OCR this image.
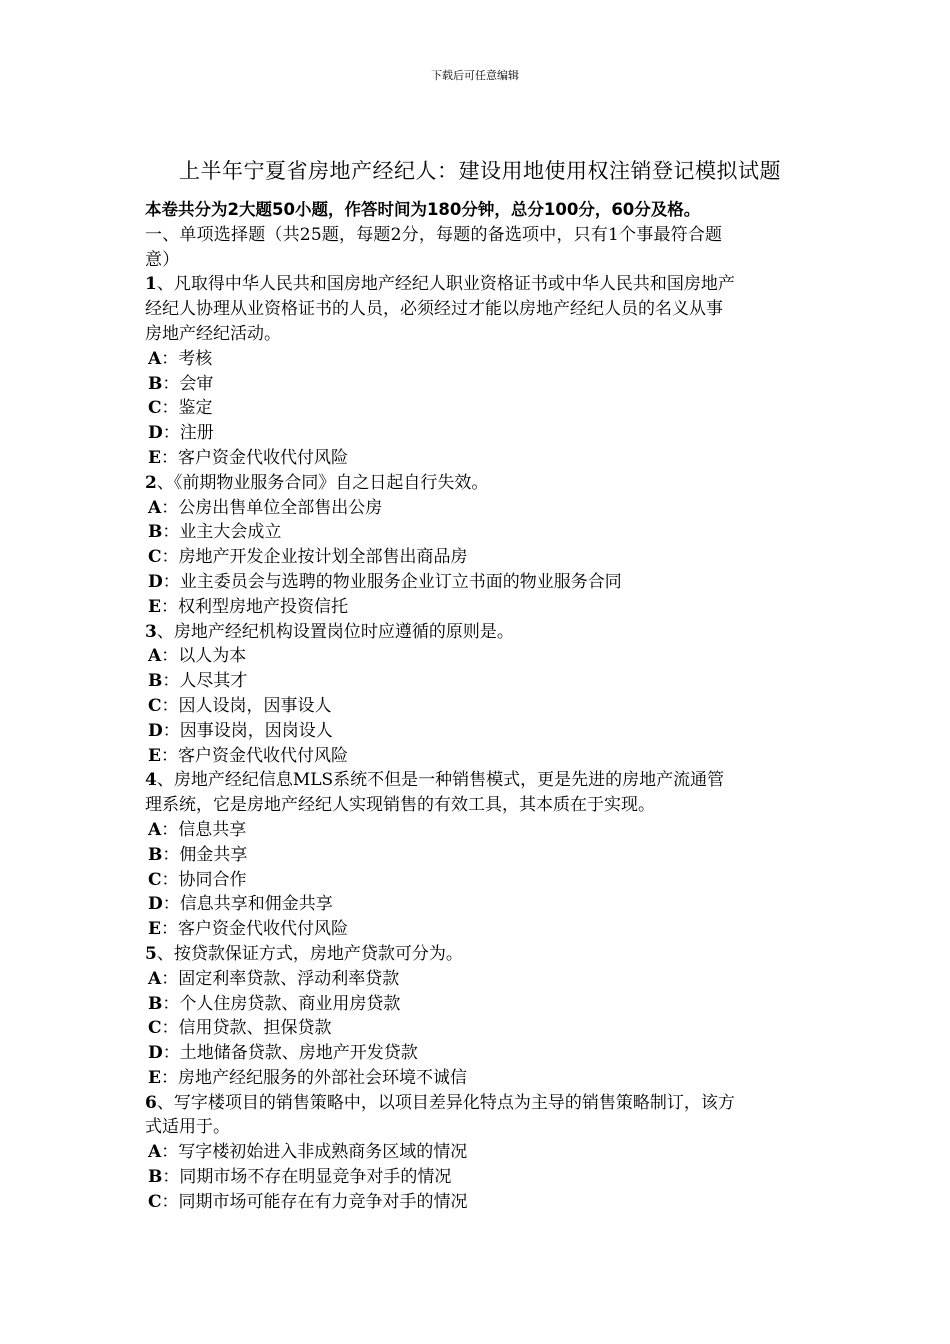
下载后可任意编辑
上半年宁夏省房地产经纪人：建设用地使用权注销登记模拟试题
本卷共分为2大题50小题，作答时间为180分钟，总分100分，60分及格。
一、单项选择题（共25题，每题2分，每题的备选项中，只有1个事最符合题
意）
1、凡取得中华人民共和国房地产经纪人职业资格证书或中华人民共和国房地产
经纪人协理从业资格证书的人员，必须经过才能以房地产经纪人员的名义从事
房地产经纪活动。
A：考核
B：会审
C：鉴定
D：注册
E：客户资金代收代付风险
2、《前期物业服务合同》自之日起自行失效。
A：公房出售单位全部售出公房
B：业主大会成立
C：房地产开发企业按计划全部售出商品房
D：业主委员会与选聘的物业服务企业订立书面的物业服务合同
E：权利型房地产投资信托
3、房地产经纪机构设置岗位时应遵循的原则是。
A：以人为本
B：人尽其才
C：因人设岗，因事设人
D：因事设岗，因岗设人
E：客户资金代收代付风险
4、房地产经纪信息MLS系统不但是一种销售模式，更是先进的房地产流通管
理系统，它是房地产经纪人实现销售的有效工具，其本质在于实现。
A：信息共享
B：佣金共享
C：协同合作
D：信息共享和佣金共享
E：客户资金代收代付风险
5、按贷款保证方式，房地产贷款可分为。
A：固定利率贷款、浮动利率贷款
B：个人住房贷款、商业用房贷款
C：信用贷款、担保贷款
D：土地储备贷款、房地产开发贷款
E：房地产经纪服务的外部社会环境不诚信
6、写字楼项目的销售策略中，以项目差异化特点为主导的销售策略制订，该方
式适用于。
A：写字楼初始进入非成熟商务区域的情况
B：同期市场不存在明显竞争对手的情况
C：同期市场可能存在有力竞争对手的情况
